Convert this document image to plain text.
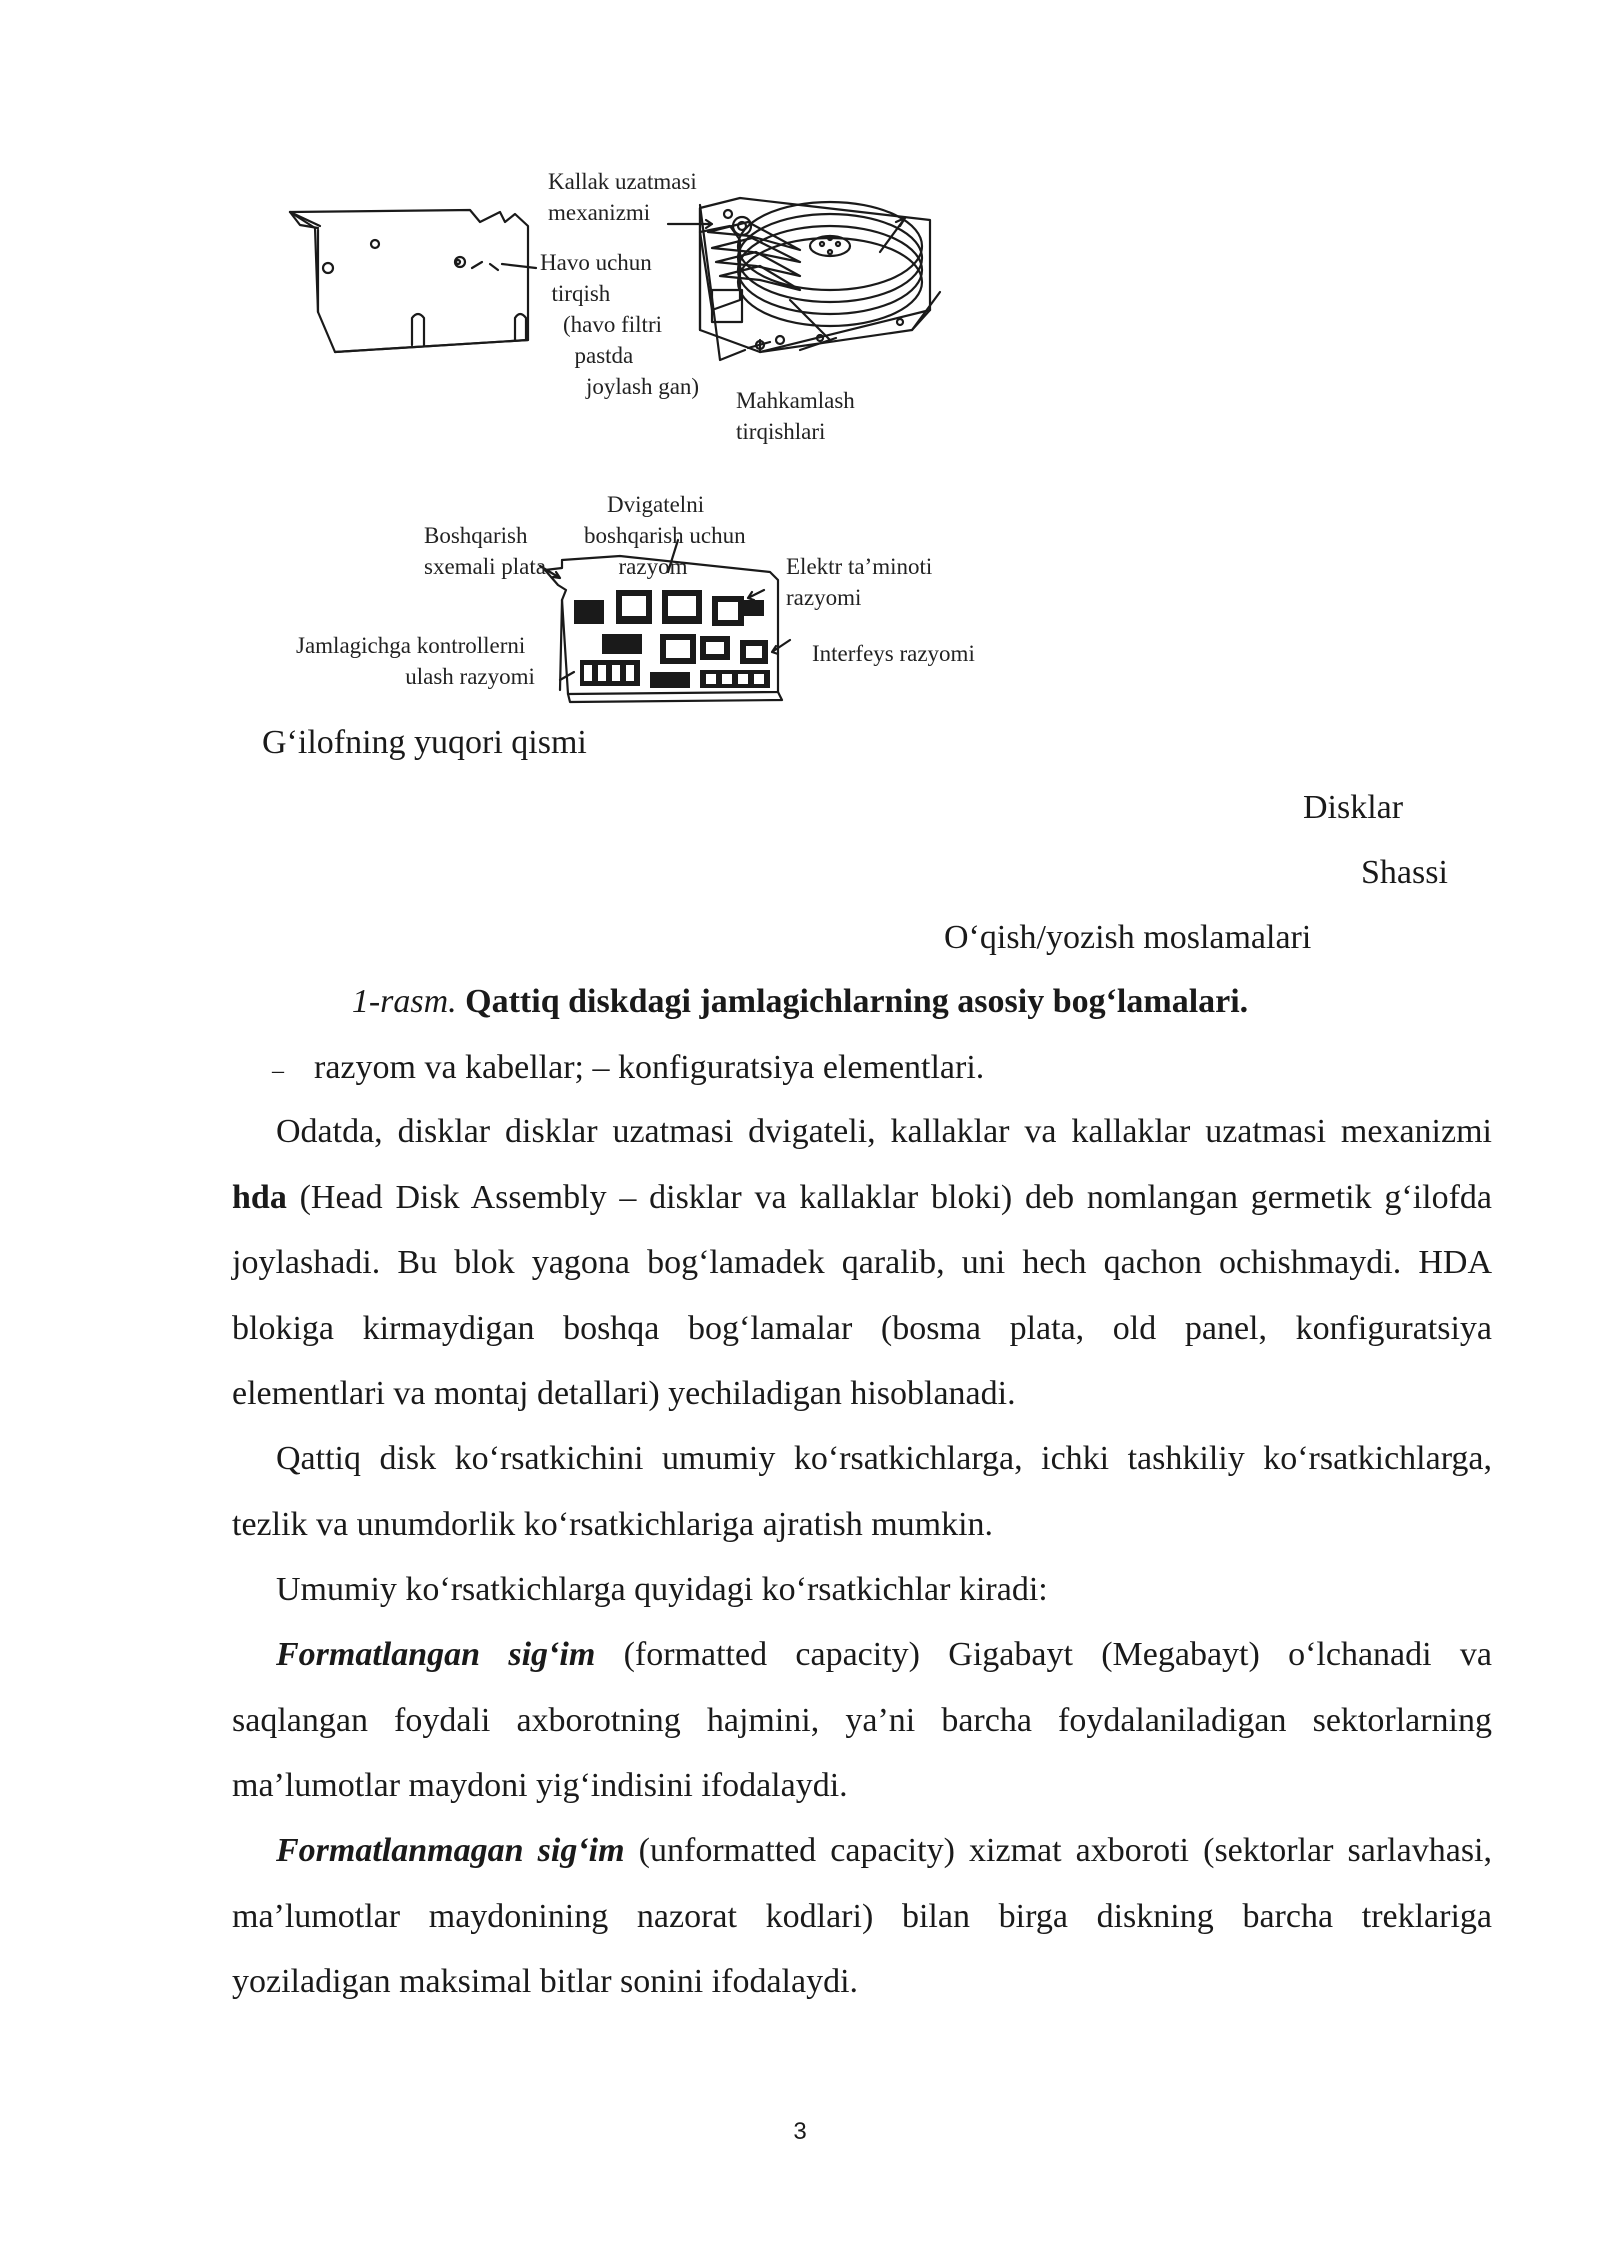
Kallak uzatmasi
mexanizmi
Havo uchun
tirqish
(havo filtri
pastda
joylash gan)
Mahkamlash
tirqishlari
Boshqarish
sxemali plata
Dvigatelni
boshqarish uchun
razyom	Elektr ta’minoti
razyomi
Jamlagichga kontrollerni
ulash razyomi
Interfeys razyomi
G‘ilofning yuqori qismi
Disklar
Shassi
O‘qish/yozish moslamalari
1-rasm. Qattiq diskdagi jamlagichlarning asosiy bog‘lamalari.
– razyom va kabellar; – konfiguratsiya elementlari.

Odatda, disklar disklar uzatmasi dvigateli, kallaklar va kallaklar uzatmasi mexanizmi hda (Head Disk Assembly – disklar va kallaklar bloki) deb nomlangan germetik g‘ilofda joylashadi. Bu blok yagona bog‘lamadek qaralib, uni hech qachon ochishmaydi. HDA blokiga kirmaydigan boshqa bog‘lamalar (bosma plata, old panel, konfiguratsiya elementlari va montaj detallari) yechiladigan hisoblanadi.

Qattiq disk ko‘rsatkichini umumiy ko‘rsatkichlarga, ichki tashkiliy ko‘rsatkichlarga, tezlik va unumdorlik ko‘rsatkichlariga ajratish mumkin.

Umumiy ko‘rsatkichlarga quyidagi ko‘rsatkichlar kiradi:

Formatlangan sig‘im (formatted capacity) Gigabayt (Megabayt) o‘lchanadi va saqlangan foydali axborotning hajmini, ya’ni barcha foydalaniladigan sektorlarning ma’lumotlar maydoni yig‘indisini ifodalaydi.

Formatlanmagan sig‘im (unformatted capacity) xizmat axboroti (sektorlar sarlavhasi, ma’lumotlar maydonining nazorat kodlari) bilan birga diskning barcha treklariga yoziladigan maksimal bitlar sonini ifodalaydi.

3
